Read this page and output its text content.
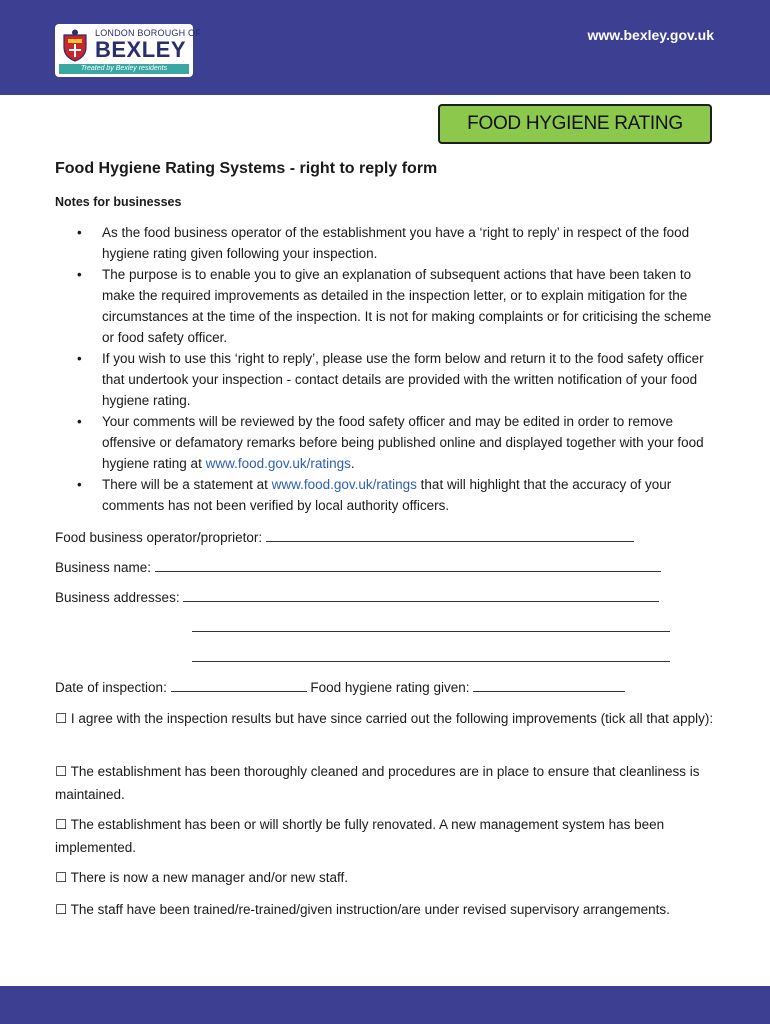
LONDON BOROUGH OF
BEXLEY
Treated by Bexley residents
www.bexley.gov.uk
FOOD HYGIENE RATING
Food Hygiene Rating Systems - right to reply form

Notes for businesses

• As the food business operator of the establishment you have a ‘right to reply’ in respect of the food hygiene rating given following your inspection.
• The purpose is to enable you to give an explanation of subsequent actions that have been taken to make the required improvements as detailed in the inspection letter, or to explain mitigation for the circumstances at the time of the inspection. It is not for making complaints or for criticising the scheme or food safety officer.
• If you wish to use this ‘right to reply’, please use the form below and return it to the food safety officer that undertook your inspection - contact details are provided with the written notification of your food hygiene rating.
• Your comments will be reviewed by the food safety officer and may be edited in order to remove offensive or defamatory remarks before being published online and displayed together with your food hygiene rating at www.food.gov.uk/ratings.
• There will be a statement at www.food.gov.uk/ratings that will highlight that the accuracy of your comments has not been verified by local authority officers.
Food business operator/proprietor:
Business name:
Business addresses:
Date of inspection:	Food hygiene rating given:
☐ I agree with the inspection results but have since carried out the following improvements (tick all that apply):
☐ The establishment has been thoroughly cleaned and procedures are in place to ensure that cleanliness is maintained.
☐ The establishment has been or will shortly be fully renovated. A new management system has been implemented.
☐ There is now a new manager and/or new staff.
☐ The staff have been trained/re-trained/given instruction/are under revised supervisory arrangements.
